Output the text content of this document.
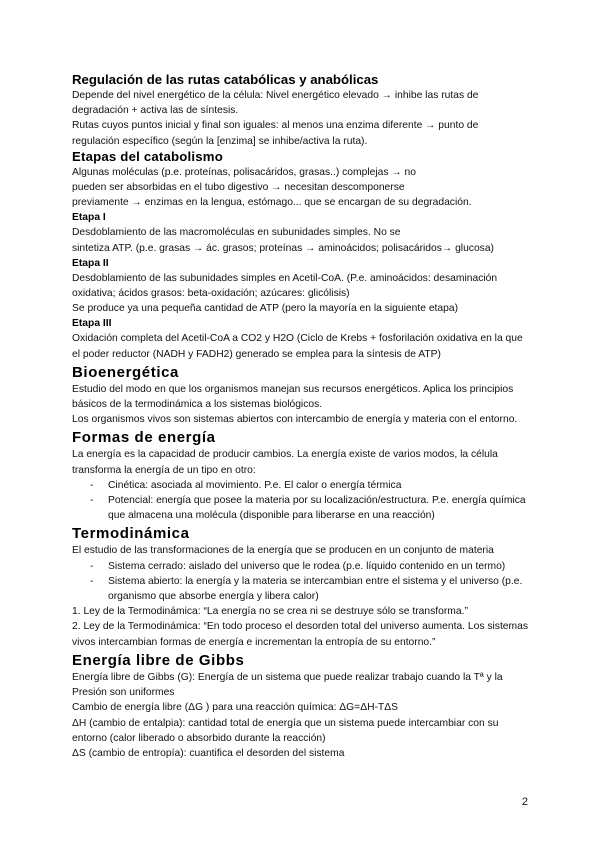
Regulación de las rutas catabólicas y anabólicas

Depende del nivel energético de la célula: Nivel energético elevado → inhibe las rutas de degradación + activa las de síntesis.

Rutas cuyos puntos inicial y final son iguales: al menos una enzima diferente → punto de regulación específico (según la [enzima] se inhibe/activa la ruta).

Etapas del catabolismo

Algunas moléculas (p.e. proteínas, polisacáridos, grasas..) complejas → no

pueden ser absorbidas en el tubo digestivo → necesitan descomponerse

previamente → enzimas en la lengua, estómago... que se encargan de su degradación.

Etapa I

Desdoblamiento de las macromoléculas en subunidades simples. No se

sintetiza ATP. (p.e. grasas → ác. grasos; proteínas → aminoácidos; polisacáridos→ glucosa)

Etapa II

Desdoblamiento de las subunidades simples en Acetil-CoA. (P.e. aminoácidos: desaminación oxidativa; ácidos grasos: beta-oxidación; azúcares: glicólisis)

Se produce ya una pequeña cantidad de ATP (pero la mayoría en la siguiente etapa)

Etapa III

Oxidación completa del Acetil-CoA a CO2 y H2O (Ciclo de Krebs + fosforilación oxidativa en la que el poder reductor (NADH y FADH2) generado se emplea para la síntesis de ATP)

Bioenergética

Estudio del modo en que los organismos manejan sus recursos energéticos. Aplica los principios básicos de la termodinámica a los sistemas biológicos.

Los organismos vivos son sistemas abiertos con intercambio de energía y materia con el entorno.

Formas de energía

La energía es la capacidad de producir cambios. La energía existe de varios modos, la célula transforma la energía de un tipo en otro:

- Cinética: asociada al movimiento. P.e. El calor o energía térmica
- Potencial: energía que posee la materia por su localización/estructura. P.e. energía química que almacena una molécula (disponible para liberarse en una reacción)
Termodinámica

El estudio de las transformaciones de la energía que se producen en un conjunto de materia

- Sistema cerrado: aislado del universo que le rodea (p.e. líquido contenido en un termo)
- Sistema abierto: la energía y la materia se intercambian entre el sistema y el universo (p.e. organismo que absorbe energía y libera calor)

1. Ley de la Termodinámica: “La energía no se crea ni se destruye sólo se transforma.”

2. Ley de la Termodinámica: “En todo proceso el desorden total del universo aumenta. Los sistemas vivos intercambian formas de energía e incrementan la entropía de su entorno.”

Energía libre de Gibbs

Energía libre de Gibbs (G): Energía de un sistema que puede realizar trabajo cuando la Tª y la Presión son uniformes

Cambio de energía libre (ΔG ) para una reacción química: ΔG=ΔH-TΔS

ΔH (cambio de entalpia): cantidad total de energía que un sistema puede intercambiar con su entorno (calor liberado o absorbido durante la reacción)

ΔS (cambio de entropía): cuantifica el desorden del sistema

2
